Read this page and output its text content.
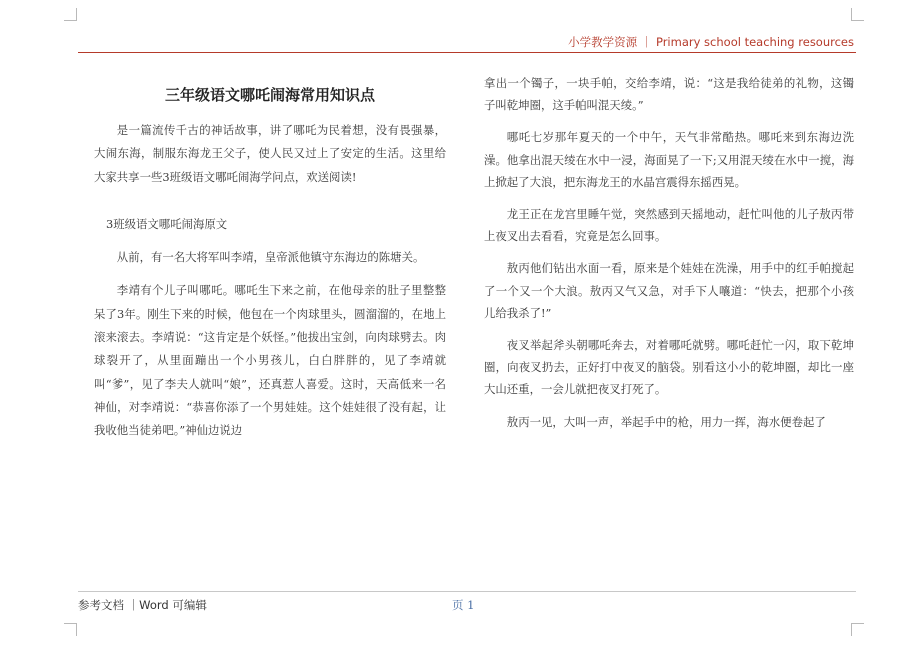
小学教学资源 ｜ Primary school teaching resources
三年级语文哪吒闹海常用知识点

是一篇流传千古的神话故事，讲了哪吒为民着想，没有畏强暴，大闹东海，制服东海龙王父子，使人民又过上了安定的生活。这里给大家共享一些3班级语文哪吒闹海学问点，欢送阅读!

3班级语文哪吒闹海原文

从前，有一名大将军叫李靖，皇帝派他镇守东海边的陈塘关。

李靖有个儿子叫哪吒。哪吒生下来之前，在他母亲的肚子里整整呆了3年。刚生下来的时候，他包在一个肉球里头，圆溜溜的，在地上滚来滚去。李靖说：“这肯定是个妖怪。”他拔出宝剑，向肉球劈去。肉球裂开了，从里面蹦出一个小男孩儿，白白胖胖的，见了李靖就叫“爹”，见了李夫人就叫“娘”，还真惹人喜爱。这时，天高低来一名神仙，对李靖说：“恭喜你添了一个男娃娃。这个娃娃很了没有起，让我收他当徒弟吧。”神仙边说边

拿出一个镯子，一块手帕，交给李靖，说：“这是我给徒弟的礼物，这镯子叫乾坤圈，这手帕叫混天绫。”

哪吒七岁那年夏天的一个中午，天气非常酷热。哪吒来到东海边洗澡。他拿出混天绫在水中一浸，海面晃了一下;又用混天绫在水中一搅，海上掀起了大浪，把东海龙王的水晶宫震得东摇西晃。

龙王正在龙宫里睡午觉，突然感到天摇地动，赶忙叫他的儿子敖丙带上夜叉出去看看，究竟是怎么回事。

敖丙他们钻出水面一看，原来是个娃娃在洗澡，用手中的红手帕搅起了一个又一个大浪。敖丙又气又急，对手下人嚷道：“快去，把那个小孩儿给我杀了!”

夜叉举起斧头朝哪吒奔去，对着哪吒就劈。哪吒赶忙一闪，取下乾坤圈，向夜叉扔去，正好打中夜叉的脑袋。别看这小小的乾坤圈，却比一座大山还重，一会儿就把夜叉打死了。

敖丙一见，大叫一声，举起手中的枪，用力一挥，海水便卷起了

参考文档 ｜Word 可编辑	页 1
